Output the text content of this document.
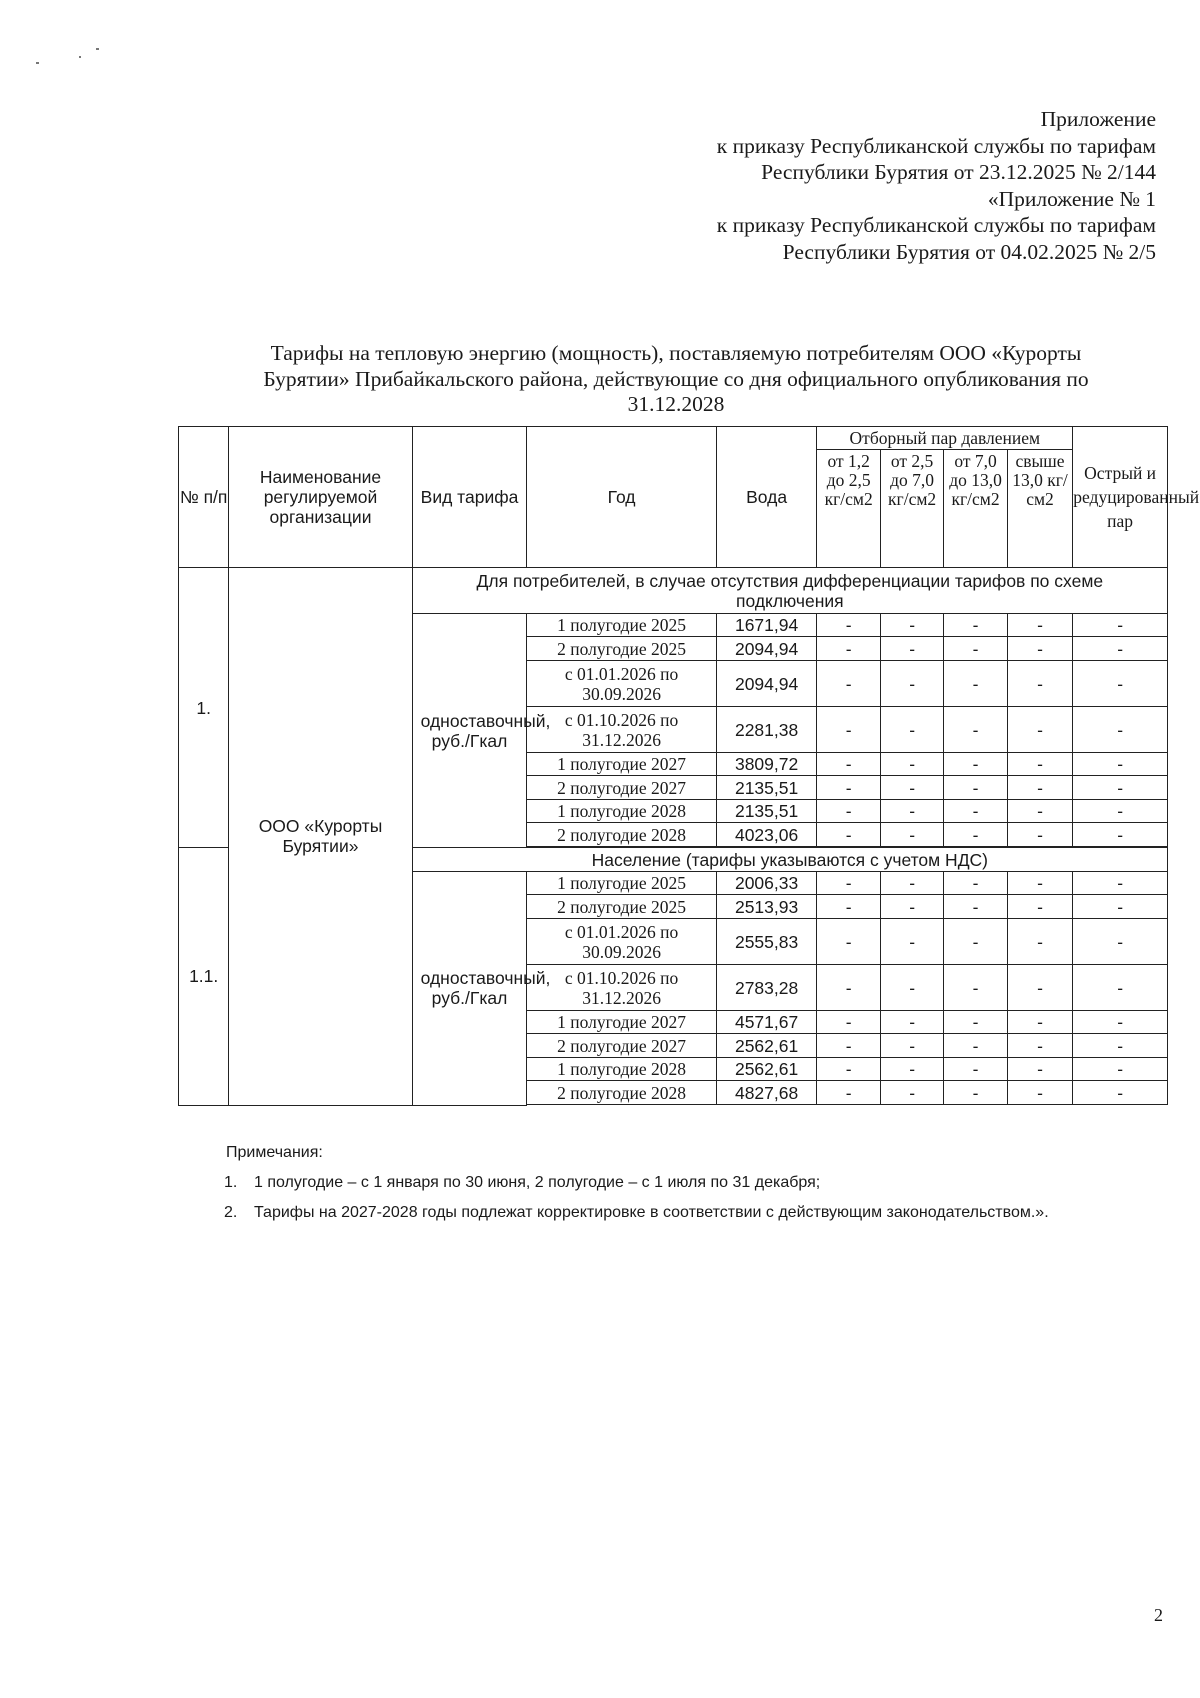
Приложение
к приказу Республиканской службы по тарифам
Республики Бурятия от 23.12.2025 № 2/144
«Приложение № 1
к приказу Республиканской службы по тарифам
Республики Бурятия от 04.02.2025 № 2/5
Тарифы на тепловую энергию (мощность), поставляемую потребителям ООО «Курорты
Бурятии» Прибайкальского района, действующие со дня официального опубликования по
31.12.2028
№ п/п	Наименование регулируемой организации	Вид тарифа	Год	Вода	Отборный пар давлением				Острый и редуцированный пар
					от 1,2 до 2,5 кг/см2	от 2,5 до 7,0 кг/см2	от 7,0 до 13,0 кг/см2	свыше 13,0 кг/см2	
1.	ООО «Курорты Бурятии»	Для потребителей, в случае отсутствия дифференциации тарифов по схеме подключения							
		одноставочный, руб./Гкал	1 полугодие 2025	1671,94	-	-	-	-	-
			2 полугодие 2025	2094,94	-	-	-	-	-
			с 01.01.2026 по 30.09.2026	2094,94	-	-	-	-	-
			с 01.10.2026 по 31.12.2026	2281,38	-	-	-	-	-
			1 полугодие 2027	3809,72	-	-	-	-	-
			2 полугодие 2027	2135,51	-	-	-	-	-
			1 полугодие 2028	2135,51	-	-	-	-	-
			2 полугодие 2028	4023,06	-	-	-	-	-

1.1.		Население (тарифы указываются с учетом НДС)							
		одноставочный, руб./Гкал	1 полугодие 2025	2006,33	-	-	-	-	-
			2 полугодие 2025	2513,93	-	-	-	-	-
			с 01.01.2026 по 30.09.2026	2555,83	-	-	-	-	-
			с 01.10.2026 по 31.12.2026	2783,28	-	-	-	-	-
			1 полугодие 2027	4571,67	-	-	-	-	-
			2 полугодие 2027	2562,61	-	-	-	-	-
			1 полугодие 2028	2562,61	-	-	-	-	-
			2 полугодие 2028	4827,68	-	-	-	-	-

Примечания:
1.	1 полугодие – с 1 января по 30 июня, 2 полугодие – с 1 июля по 31 декабря;
2.	Тарифы на 2027-2028 годы подлежат корректировке в соответствии с действующим законодательством.».
2
